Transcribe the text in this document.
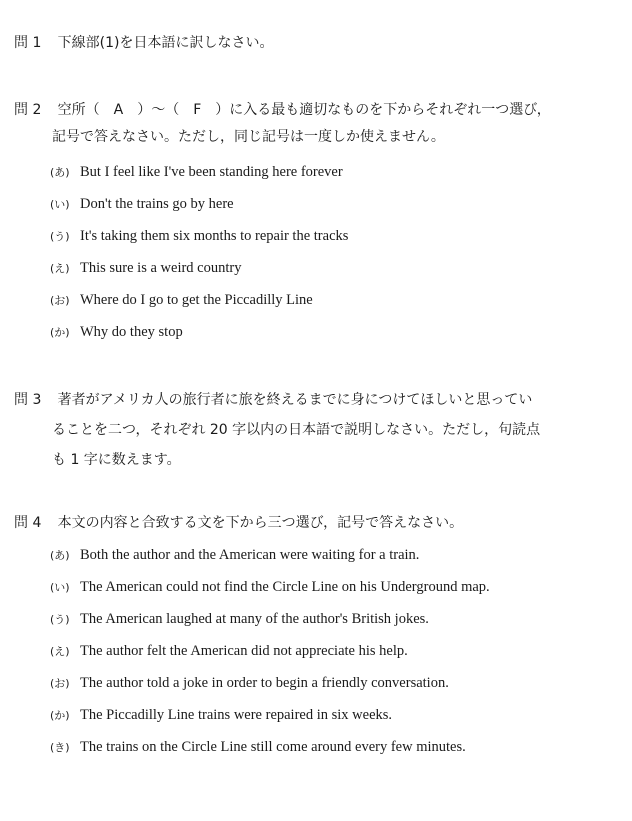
問 1 下線部(1)を日本語に訳しなさい。
問 2 空所（　A　）～（　F　）に入る最も適切なものを下からそれぞれ一つ選び，
記号で答えなさい。ただし，同じ記号は一度しか使えません。
(あ) But I feel like I've been standing here forever
(い) Don't the trains go by here
(う) It's taking them six months to repair the tracks
(え) This sure is a weird country
(お) Where do I go to get the Piccadilly Line
(か) Why do they stop
問 3 著者がアメリカ人の旅行者に旅を終えるまでに身につけてほしいと思ってい
ることを二つ，それぞれ 20 字以内の日本語で説明しなさい。ただし，句読点
も 1 字に数えます。
問 4 本文の内容と合致する文を下から三つ選び，記号で答えなさい。
(あ) Both the author and the American were waiting for a train.
(い) The American could not find the Circle Line on his Underground map.
(う) The American laughed at many of the author's British jokes.
(え) The author felt the American did not appreciate his help.
(お) The author told a joke in order to begin a friendly conversation.
(か) The Piccadilly Line trains were repaired in six weeks.
(き) The trains on the Circle Line still come around every few minutes.
